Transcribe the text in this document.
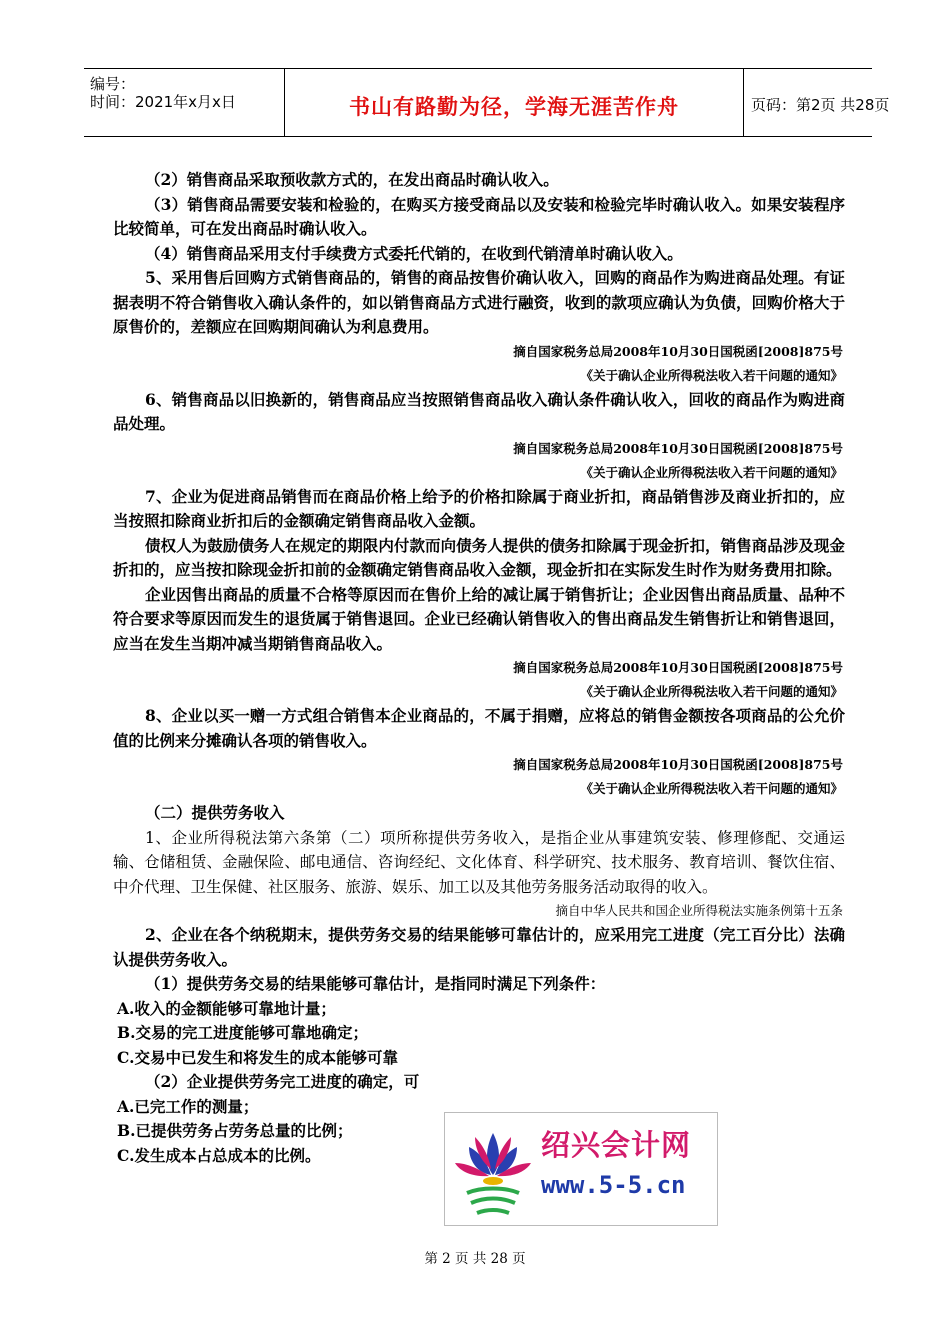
编号：
时间：2021年x月x日	书山有路勤为径，学海无涯苦作舟	页码：第2页 共28页

（2）销售商品采取预收款方式的，在发出商品时确认收入。

（3）销售商品需要安装和检验的，在购买方接受商品以及安装和检验完毕时确认收入。如果安装程序比较简单，可在发出商品时确认收入。

（4）销售商品采用支付手续费方式委托代销的，在收到代销清单时确认收入。

5、采用售后回购方式销售商品的，销售的商品按售价确认收入，回购的商品作为购进商品处理。有证据表明不符合销售收入确认条件的，如以销售商品方式进行融资，收到的款项应确认为负债，回购价格大于原售价的，差额应在回购期间确认为利息费用。

摘自国家税务总局2008年10月30日国税函[2008]875号

《关于确认企业所得税法收入若干问题的通知》

6、销售商品以旧换新的，销售商品应当按照销售商品收入确认条件确认收入，回收的商品作为购进商品处理。

摘自国家税务总局2008年10月30日国税函[2008]875号

《关于确认企业所得税法收入若干问题的通知》

7、企业为促进商品销售而在商品价格上给予的价格扣除属于商业折扣，商品销售涉及商业折扣的，应当按照扣除商业折扣后的金额确定销售商品收入金额。

债权人为鼓励债务人在规定的期限内付款而向债务人提供的债务扣除属于现金折扣，销售商品涉及现金折扣的，应当按扣除现金折扣前的金额确定销售商品收入金额，现金折扣在实际发生时作为财务费用扣除。

企业因售出商品的质量不合格等原因而在售价上给的减让属于销售折让；企业因售出商品质量、品种不符合要求等原因而发生的退货属于销售退回。企业已经确认销售收入的售出商品发生销售折让和销售退回，应当在发生当期冲减当期销售商品收入。

摘自国家税务总局2008年10月30日国税函[2008]875号

《关于确认企业所得税法收入若干问题的通知》

8、企业以买一赠一方式组合销售本企业商品的，不属于捐赠，应将总的销售金额按各项商品的公允价值的比例来分摊确认各项的销售收入。

摘自国家税务总局2008年10月30日国税函[2008]875号

《关于确认企业所得税法收入若干问题的通知》

（二）提供劳务收入

1、企业所得税法第六条第（二）项所称提供劳务收入，是指企业从事建筑安装、修理修配、交通运输、仓储租赁、金融保险、邮电通信、咨询经纪、文化体育、科学研究、技术服务、教育培训、餐饮住宿、中介代理、卫生保健、社区服务、旅游、娱乐、加工以及其他劳务服务活动取得的收入。

摘自中华人民共和国企业所得税法实施条例第十五条

2、企业在各个纳税期末，提供劳务交易的结果能够可靠估计的，应采用完工进度（完工百分比）法确认提供劳务收入。

（1）提供劳务交易的结果能够可靠估计，是指同时满足下列条件：

A.收入的金额能够可靠地计量；

B.交易的完工进度能够可靠地确定；

C.交易中已发生和将发生的成本能够可靠

（2）企业提供劳务完工进度的确定，可

A.已完工作的测量；

B.已提供劳务占劳务总量的比例；

C.发生成本占总成本的比例。	绍兴会计网
www.5-5.cn
第 2 页 共 28 页
